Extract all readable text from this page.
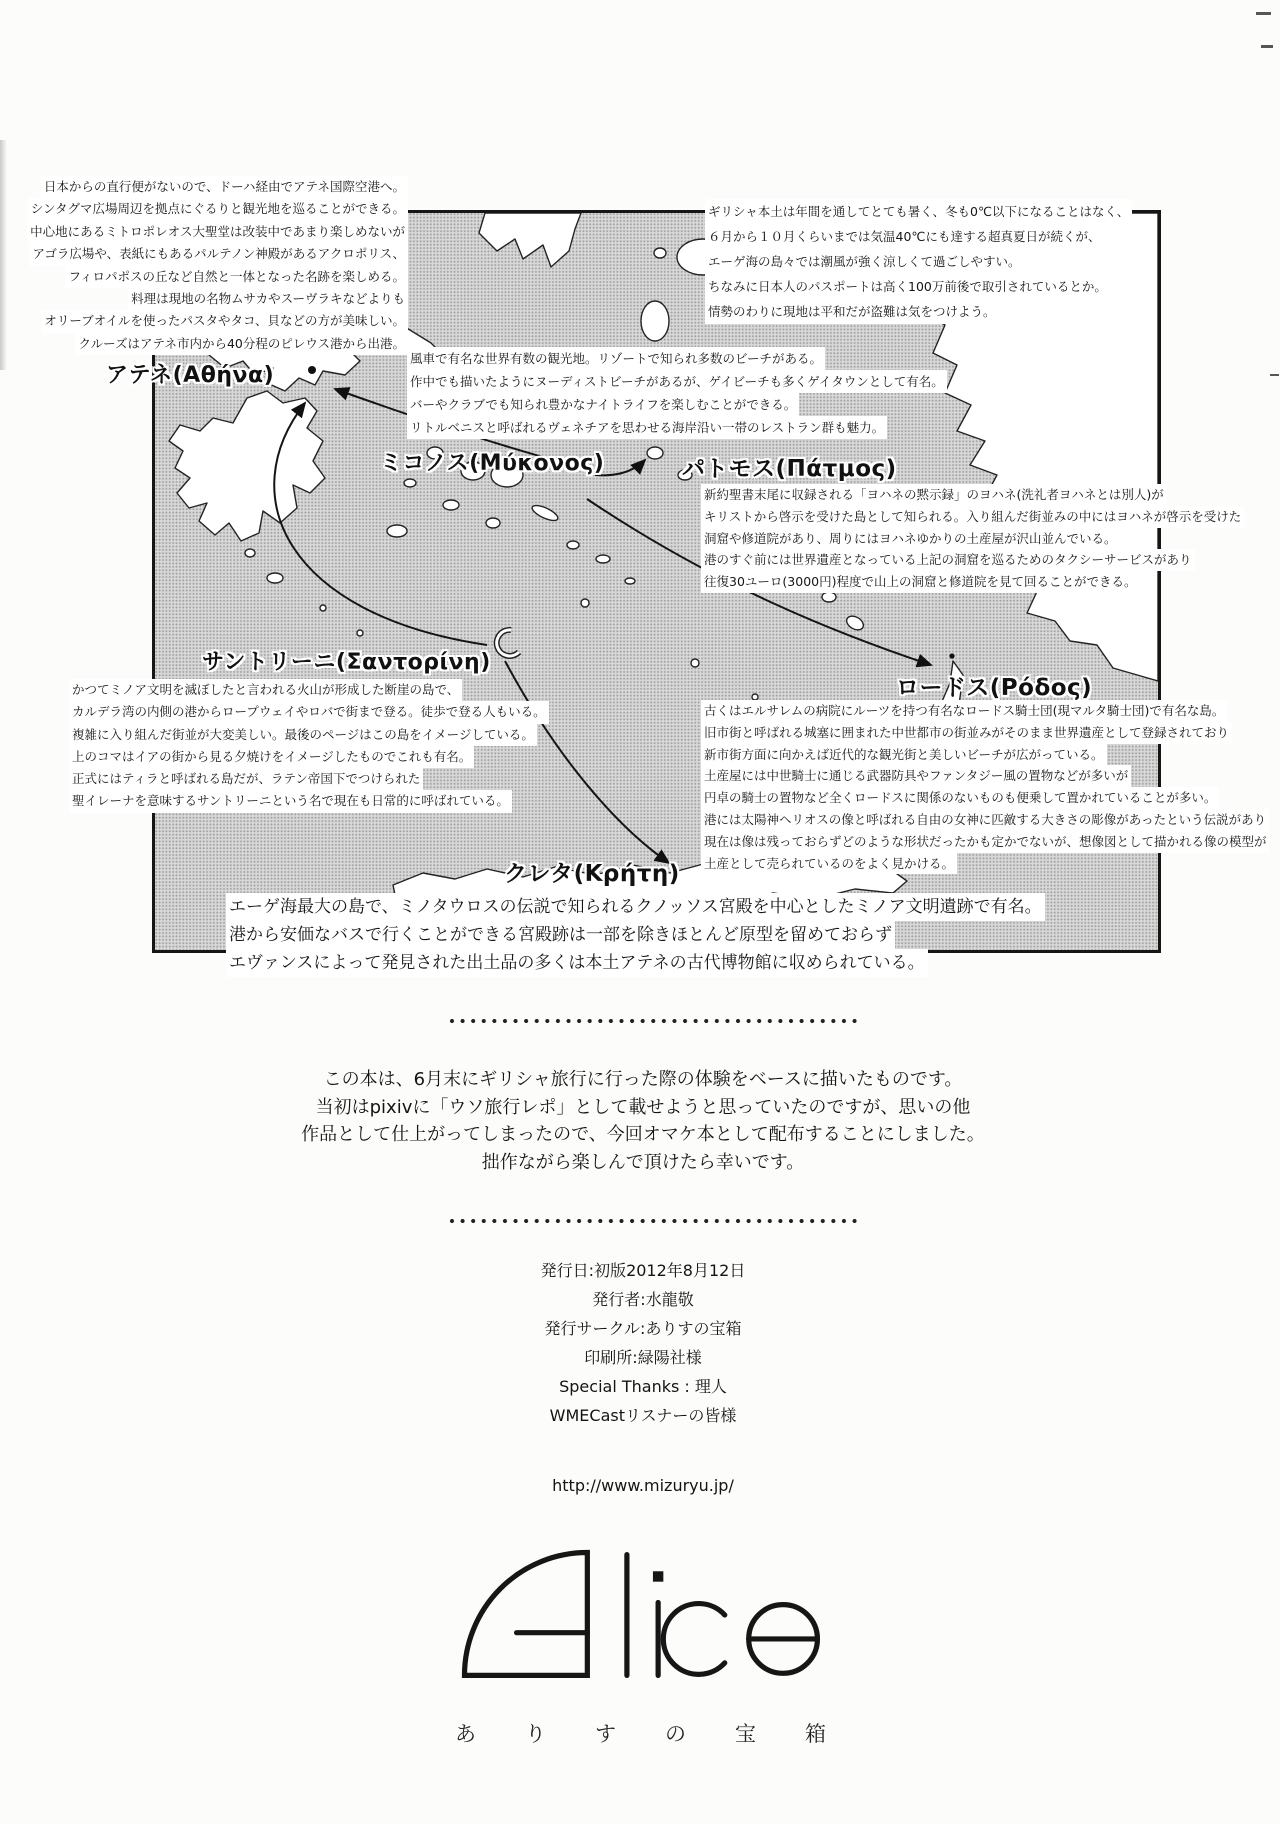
アテネ(Αθήνα)
ミコノス(Μύκονος)	パトモス(Πάτμος)
サントリーニ(Σαντορίνη)
ロードス(Ρόδος)
クレタ(Κρήτη)
日本からの直行便がないので、ドーハ経由でアテネ国際空港へ。
シンタグマ広場周辺を拠点にぐるりと観光地を巡ることができる。
中心地にあるミトロポレオス大聖堂は改装中であまり楽しめないが
アゴラ広場や、表紙にもあるパルテノン神殿があるアクロポリス、
フィロパポスの丘など自然と一体となった名跡を楽しめる。
料理は現地の名物ムサカやスーヴラキなどよりも
オリーブオイルを使ったパスタやタコ、貝などの方が美味しい。
クルーズはアテネ市内から40分程のピレウス港から出港。
ギリシャ本土は年間を通してとても暑く、冬も0℃以下になることはなく、
６月から１０月くらいまでは気温40℃にも達する超真夏日が続くが、
エーゲ海の島々では潮風が強く涼しくて過ごしやすい。
ちなみに日本人のパスポートは高く100万前後で取引されているとか。
情勢のわりに現地は平和だが盗難は気をつけよう。
風車で有名な世界有数の観光地。リゾートで知られ多数のビーチがある。
作中でも描いたようにヌーディストビーチがあるが、ゲイビーチも多くゲイタウンとして有名。
バーやクラブでも知られ豊かなナイトライフを楽しむことができる。
リトルベニスと呼ばれるヴェネチアを思わせる海岸沿い一帯のレストラン群も魅力。
新約聖書末尾に収録される「ヨハネの黙示録」のヨハネ(洗礼者ヨハネとは別人)が
キリストから啓示を受けた島として知られる。入り組んだ街並みの中にはヨハネが啓示を受けた
洞窟や修道院があり、周りにはヨハネゆかりの土産屋が沢山並んでいる。
港のすぐ前には世界遺産となっている上記の洞窟を巡るためのタクシーサービスがあり
往復30ユーロ(3000円)程度で山上の洞窟と修道院を見て回ることができる。
かつてミノア文明を滅ぼしたと言われる火山が形成した断崖の島で、
カルデラ湾の内側の港からロープウェイやロバで街まで登る。徒歩で登る人もいる。
複雑に入り組んだ街並が大変美しい。最後のページはこの島をイメージしている。
上のコマはイアの街から見る夕焼けをイメージしたものでこれも有名。
正式にはティラと呼ばれる島だが、ラテン帝国下でつけられた
聖イレーナを意味するサントリーニという名で現在も日常的に呼ばれている。
古くはエルサレムの病院にルーツを持つ有名なロードス騎士団(現マルタ騎士団)で有名な島。
旧市街と呼ばれる城塞に囲まれた中世都市の街並みがそのまま世界遺産として登録されており
新市街方面に向かえば近代的な観光街と美しいビーチが広がっている。
土産屋には中世騎士に通じる武器防具やファンタジー風の置物などが多いが
円卓の騎士の置物など全くロードスに関係のないものも便乗して置かれていることが多い。
港には太陽神ヘリオスの像と呼ばれる自由の女神に匹敵する大きさの彫像があったという伝説があり
現在は像は残っておらずどのような形状だったかも定かでないが、想像図として描かれる像の模型が
土産として売られているのをよく見かける。
エーゲ海最大の島で、ミノタウロスの伝説で知られるクノッソス宮殿を中心としたミノア文明遺跡で有名。
港から安価なバスで行くことができる宮殿跡は一部を除きほとんど原型を留めておらず
エヴァンスによって発見された出土品の多くは本土アテネの古代博物館に収められている。
この本は、6月末にギリシャ旅行に行った際の体験をベースに描いたものです。
当初はpixivに「ウソ旅行レポ」として載せようと思っていたのですが、思いの他
作品として仕上がってしまったので、今回オマケ本として配布することにしました。
拙作ながら楽しんで頂けたら幸いです。
発行日:初版2012年8月12日
発行者:水龍敬
発行サークル:ありすの宝箱
印刷所:緑陽社様
Special Thanks : 理人
WMECastリスナーの皆様
http://www.mizuryu.jp/
ありすの宝箱
